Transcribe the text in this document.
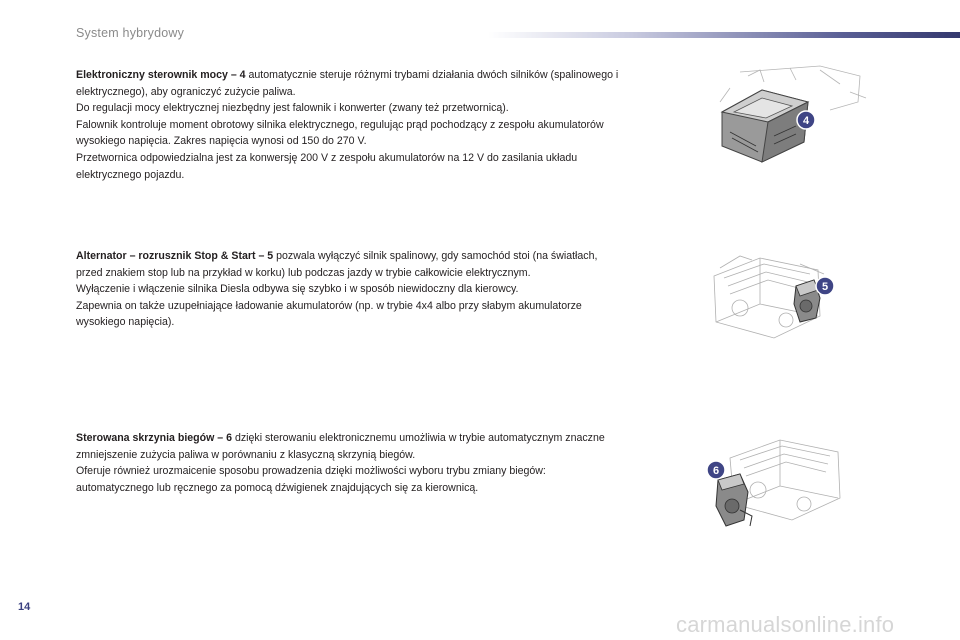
System hybrydowy

Elektroniczny sterownik mocy – 4 automatycznie steruje różnymi trybami działania dwóch silników (spalinowego i elektrycznego), aby ograniczyć zużycie paliwa.

Do regulacji mocy elektrycznej niezbędny jest falownik i konwerter (zwany też przetwornicą).

Falownik kontroluje moment obrotowy silnika elektrycznego, regulując prąd pochodzący z zespołu akumulatorów wysokiego napięcia. Zakres napięcia wynosi od 150 do 270 V.

Przetwornica odpowiedzialna jest za konwersję 200 V z zespołu akumulatorów na 12 V do zasilania układu elektrycznego pojazdu.

Alternator – rozrusznik Stop & Start – 5 pozwala wyłączyć silnik spalinowy, gdy samochód stoi (na światłach, przed znakiem stop lub na przykład w korku) lub podczas jazdy w trybie całkowicie elektrycznym.

Wyłączenie i włączenie silnika Diesla odbywa się szybko i w sposób niewidoczny dla kierowcy.

Zapewnia on także uzupełniające ładowanie akumulatorów (np. w trybie 4x4 albo przy słabym akumulatorze wysokiego napięcia).

Sterowana skrzynia biegów – 6 dzięki sterowaniu elektronicznemu umożliwia w trybie automatycznym znaczne zmniejszenie zużycia paliwa w porównaniu z klasyczną skrzynią biegów.

Oferuje również urozmaicenie sposobu prowadzenia dzięki możliwości wyboru trybu zmiany biegów: automatycznego lub ręcznego za pomocą dźwigienek znajdujących się za kierownicą.

4
5
6
14
carmanualsonline.info
